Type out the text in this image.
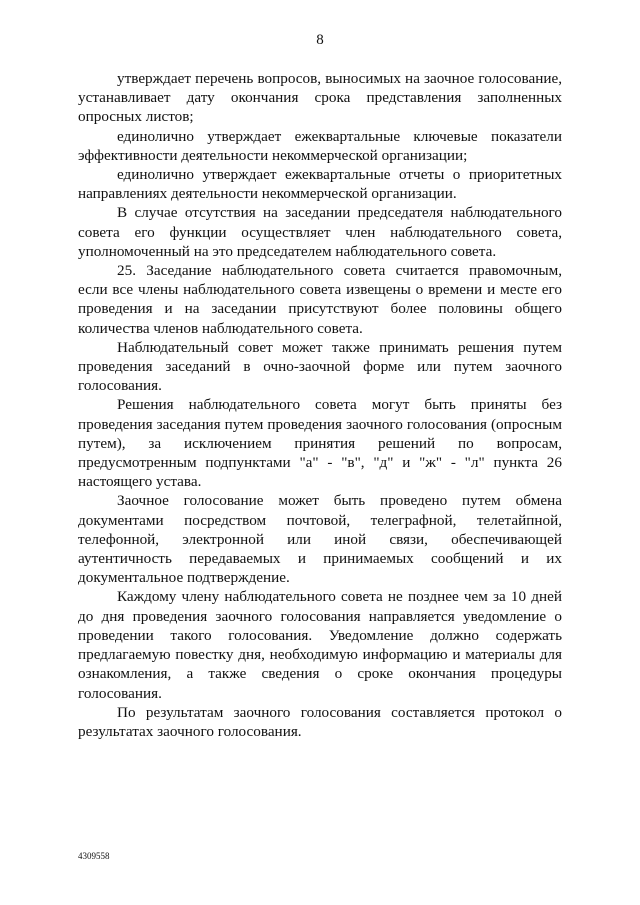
8

утверждает перечень вопросов, выносимых на заочное голосование, устанавливает дату окончания срока представления заполненных опросных листов;

единолично утверждает ежеквартальные ключевые показатели эффективности деятельности некоммерческой организации;

единолично утверждает ежеквартальные отчеты о приоритетных направлениях деятельности некоммерческой организации.

В случае отсутствия на заседании председателя наблюдательного совета его функции осуществляет член наблюдательного совета, уполномоченный на это председателем наблюдательного совета.

25. Заседание наблюдательного совета считается правомочным, если все члены наблюдательного совета извещены о времени и месте его проведения и на заседании присутствуют более половины общего количества членов наблюдательного совета.

Наблюдательный совет может также принимать решения путем проведения заседаний в очно-заочной форме или путем заочного голосования.

Решения наблюдательного совета могут быть приняты без проведения заседания путем проведения заочного голосования (опросным путем), за исключением принятия решений по вопросам, предусмотренным подпунктами "а" - "в", "д" и "ж" - "л" пункта 26 настоящего устава.

Заочное голосование может быть проведено путем обмена документами посредством почтовой, телеграфной, телетайпной, телефонной, электронной или иной связи, обеспечивающей аутентичность передаваемых и принимаемых сообщений и их документальное подтверждение.

Каждому члену наблюдательного совета не позднее чем за 10 дней до дня проведения заочного голосования направляется уведомление о проведении такого голосования. Уведомление должно содержать предлагаемую повестку дня, необходимую информацию и материалы для ознакомления, а также сведения о сроке окончания процедуры голосования.

По результатам заочного голосования составляется протокол о результатах заочного голосования.

4309558
